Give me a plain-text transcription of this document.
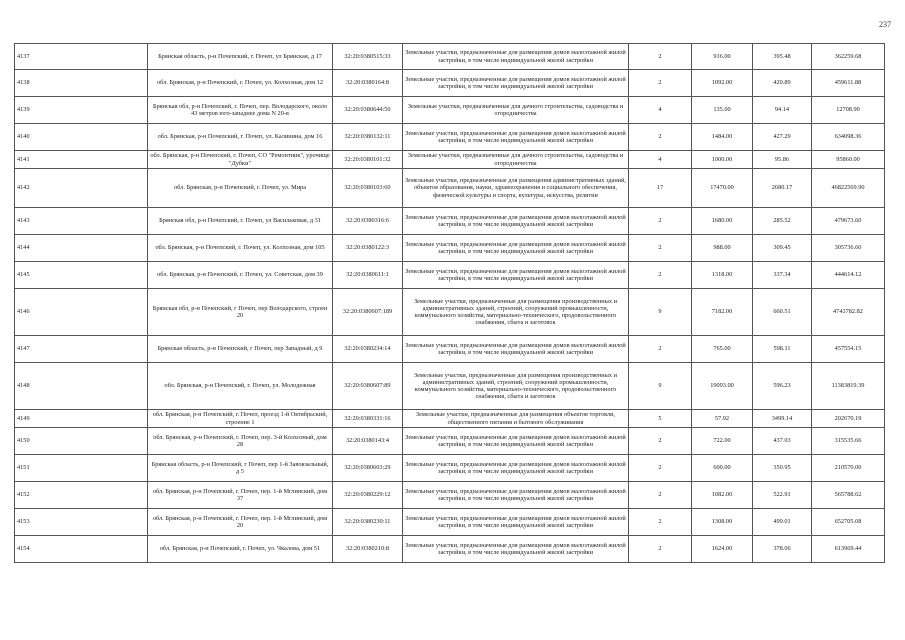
237
4137	Брянская область, р-н Почепский, г. Почеп, ул Брянская, д 17	32:20:0380515:33	Земельные участки, предназначенные для размещения домов малоэтажной жилой застройки, в том числе индивидуальной жилой застройки	2	916.00	395.48	362259.68
4138	обл. Брянская, р-н Почепский, г. Почеп, ул. Колхозная, дом 12	32:20:0380164:8	Земельные участки, предназначенные для размещения домов малоэтажной жилой застройки, в том числе индивидуальной жилой застройки	2	1092.00	420.89	459611.88
4139	Брянская обл, р-н Почепский, г. Почеп, пер. Володарского, около 43 метров юго-западнее дома N 20-в	32:20:0380644:50	Земельные участки, предназначенные для дачного строительства, садоводства и огородничества	4	135.00	94.14	12708.90
4140	обл. Брянская, р-н Почепский, г. Почеп, ул. Калинина, дом 16	32:20:0380132:11	Земельные участки, предназначенные для размещения домов малоэтажной жилой застройки, в том числе индивидуальной жилой застройки	2	1484.00	427.29	634098.36
4141	обл. Брянская, р-н Почепский, г. Почеп, СО "Ремонтник", урочище "Дубки"	32:20:0380101:32	Земельные участки, предназначенные для дачного строительства, садоводства и огородничества	4	1000.00	95.86	95860.00
4142	обл. Брянская, р-н Почепский, г. Почеп, ул. Мира	32:20:0380103:60	Земельные участки, предназначенные для размещения административных зданий, объектов образования, науки, здравоохранения и социального обеспечения, физической культуры и спорта, культуры, искусства, религии	17	17470.00	2680.17	46822569.90
4143	Брянская обл, р-н Почепский, г. Почеп, ул Васильковая, д 31	32:20:0380316:6	Земельные участки, предназначенные для размещения домов малоэтажной жилой застройки, в том числе индивидуальной жилой застройки	2	1680.00	285.52	479673.60
4144	обл. Брянская, р-н Почепский, г. Почеп, ул. Колхозная, дом 105	32:20:0380122:3	Земельные участки, предназначенные для размещения домов малоэтажной жилой застройки, в том числе индивидуальной жилой застройки	2	988.00	309.45	305736.60
4145	обл. Брянская, р-н Почепский, г. Почеп, ул. Советская, дом 39	32:20:0380611:1	Земельные участки, предназначенные для размещения домов малоэтажной жилой застройки, в том числе индивидуальной жилой застройки	2	1318.00	337.34	444614.12
4146	Брянская обл, р-н Почепский, г Почеп, пер Володарского, строен 20	32:20:0380607:189	Земельные участки, предназначенные для размещения производственных и административных зданий, строений, сооружений промышленности, коммунального хозяйства, материально-технического, продовольственного снабжения, сбыта и заготовок	9	7182.00	660.51	4743782.82
4147	Брянская область, р-н Почепский, г Почеп, пер Западный, д 9	32:20:0380234:14	Земельные участки, предназначенные для размещения домов малоэтажной жилой застройки, в том числе индивидуальной жилой застройки	2	765.00	598.11	457554.15
4148	обл. Брянская, р-н Почепский, г. Почеп, ул. Молодежная	32:20:0380607:89	Земельные участки, предназначенные для размещения производственных и административных зданий, строений, сооружений промышленности, коммунального хозяйства, материально-технического, продовольственного снабжения, сбыта и заготовок	9	19093.00	596.23	11383819.39
4149	обл. Брянская, р-н Почепский, г. Почеп, проезд 1-й Октябрьский, строение 1	32:20:0380331:16	Земельные участки, предназначенные для размещения объектов торговли, общественного питания и бытового обслуживания	5	57.92	3499.14	202670.19
4150	обл. Брянская, р-н Почепский, г. Почеп, пер. 3-й Колхозный, дом 28	32:20:0380143:4	Земельные участки, предназначенные для размещения домов малоэтажной жилой застройки, в том числе индивидуальной жилой застройки	2	722.00	437.03	315535.66
4151	Брянская область, р-н Почепский, г Почеп, пер 1-й Завокзальный, д 5	32:20:0380603:29	Земельные участки, предназначенные для размещения домов малоэтажной жилой застройки, в том числе индивидуальной жилой застройки	2	600.00	350.95	210570.00
4152	обл. Брянская, р-н Почепский, г. Почеп, пер. 1-й Мглинский, дом 37	32:20:0380229:12	Земельные участки, предназначенные для размещения домов малоэтажной жилой застройки, в том числе индивидуальной жилой застройки	2	1082.00	522.91	565788.62
4153	обл. Брянская, р-н Почепский, г. Почеп, пер. 1-й Мглинский, дом 20	32:20:0380230:11	Земельные участки, предназначенные для размещения домов малоэтажной жилой застройки, в том числе индивидуальной жилой застройки	2	1308.00	499.01	652705.08
4154	обл. Брянская, р-н Почепский, г. Почеп, ул. Чкалова, дом 51	32:20:0380210:8	Земельные участки, предназначенные для размещения домов малоэтажной жилой застройки, в том числе индивидуальной жилой застройки	2	1624.00	378.06	613969.44
